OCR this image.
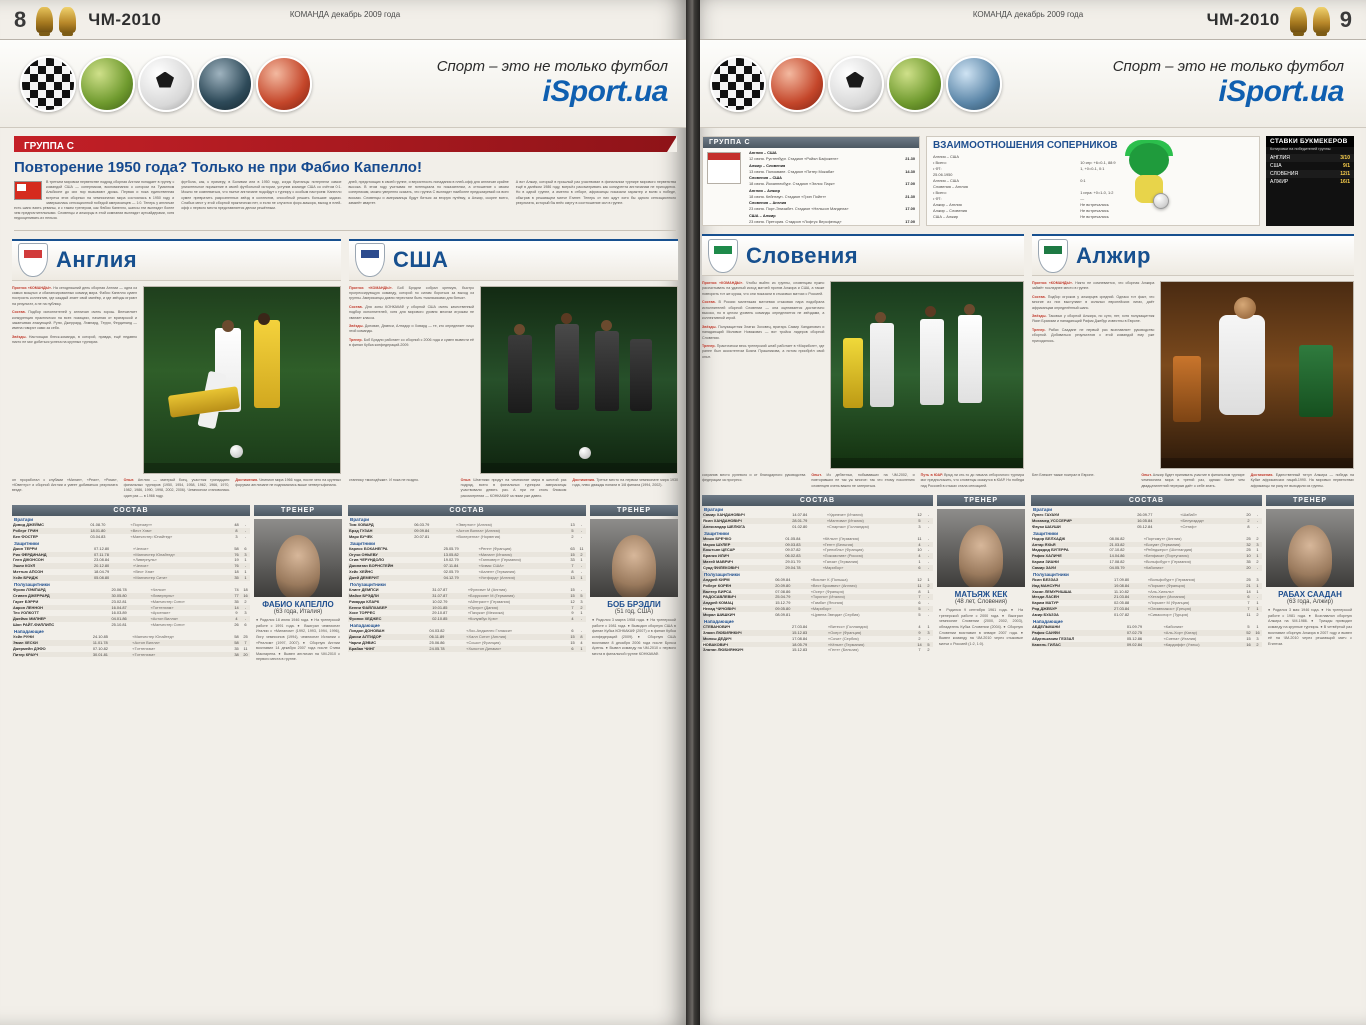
8	ЧМ-2010	КОМАНДА декабрь 2009 года
Спорт – это не только футбол
iSport.ua
ГРУППА С
Повторение 1950 года? Только не при Фабио Капелло!
В третьем мировом первенстве подряд сборная Англии попадает в группу с командой США — соперником, воспоминания о котором на Туманном Альбионе до сих пор вызывают дрожь. Первая и пока единственная встреча этих сборных на чемпионатах мира состоялась в 1950 году и завершилась сенсационной победой американцев — 1:0. Теперь у англичан есть шанс взять реванш, и с таким тренером, как Фабио Капелло, шансы эти выглядят более чем предпочтительными. Словенцы и алжирцы в этой компании выглядят аутсайдерами, хотя недооценивать их нельзя.
футбола, как, к примеру, в Боливии или в 1950 году, когда британцы потерпели самое унизительное поражение в своей футбольной истории, уступив команде США со счётом 0:1. Можно не сомневаться, что нынче англичане подойдут к турниру с особым настроем: Капелло сумел превратить разрозненных звёзд в коллектив, способный решать большие задачи. Слабых мест у этой сборной практически нет, и если не случится форс-мажора, выход в плей-офф с первого места представляется делом решённым.
дней, предстоящих в своей группе, и вероятность попадания в плей-офф для англичан крайне высока. В этом году учитывая не потенциала по показателям, а отношение к своим соперникам, можно уверенно сказать, что группа С выглядит наиболее предсказуемой из всех восьми. Словенцы и американцы будут биться за вторую путёвку, а Алжир, скорее всего, замкнёт квартет.
А вот Алжир, который в прошлый раз участвовал в финальном турнире мирового первенства ещё в далёком 1986 году, всерьёз рассматривать как конкурента англичанам не приходится. Но в одной группе, а именно в отборе, африканцы показали характер и волю к победе, обыграв в решающем матче Египет. Теперь от них ждут хотя бы одного сенсационного результата, который бы внёс смуту в соотношение сил в группе.
Англия

Прогноз «КОМАНДЫ». На сегодняшний день сборная Англии — одна из самых мощных и сбалансированных команд мира. Фабио Капелло сумел построить коллектив, где каждый знает свой манёвр, и где звёзды играют на результат, а не на публику.

Состав. Подбор исполнителей у англичан очень хорош. Впечатляет конкуренция практически на всех позициях, начиная от вратарской и заканчивая атакующей. Руни, Джеррард, Лэмпард, Терри, Фердинанд — имена говорят сами за себя.

Звёзды. Настоящая блеск-команда, в которой, правда, ещё недавно никто не мог добиться успеха на крупных турнирах.

он проработал с клубами «Милан», «Реал», «Рома», «Ювентус» и сборной Англии и умеет добиваться результата везде.
Опыт. Англия — матерый боец, участник тринадцати финальных турниров (1950, 1954, 1958, 1962, 1966, 1970, 1982, 1986, 1990, 1998, 2002, 2006). Чемпионом становилась один раз — в 1966 году.
Достижения. Чемпион мира 1966 года, после чего на крупных форумах англичане не поднимались выше четвертьфинала.
США

Прогноз «КОМАНДЫ». Боб Брэдли собрал крепкую, быстро прогрессирующую команду, которой по силам бороться за выход из группы. Американцы давно перестали быть «мальчиками для битья».

Состав. Для зоны КОНКАКАФ у сборной США очень качественный подбор исполнителей, хотя для мирового уровня многим игрокам не хватает класса.

Звёзды. Донован, Дэмпси, Алтидор и Ховард — те, кто определяет лицо этой команды.

Тренер. Боб Брэдли работает со сборной с 2006 года и сумел вывести её в финал Кубка конфедераций-2009.

станнику «молодёжки». И пока не поздно.	Опыт. Штатники придут на чемпионат мира в шестой раз подряд, всего в финальных турнирах американцы участвовали девять раз. А при не столь близком рассмотрении — КОНКАКАФ за ними уже давно.
Достижения. Третье место на первом чемпионате мира 1930 года, плюс дважды попали в 1/8 финала (1994, 2002).
СОСТАВ
Вратари
Дэвид ДЖЕЙМС	01.08.70	«Портсмут»	48	-
Роберт ГРИН	18.01.80	«Вест Хэм»	8	-
Бен ФОСТЕР	03.04.83	«Манчестер Юнайтед»	3	-
Защитники
Джон ТЕРРИ	07.12.80	«Челси»	58	6
Рио ФЕРДИНАНД	07.11.78	«Манчестер Юнайтед»	76	3
Глен ДЖОНСОН	23.08.84	«Ливерпуль»	19	1
Эшли КОУЛ	20.12.80	«Челси»	76	-
Мэттью АПСОН	18.04.79	«Вест Хэм»	18	1
Уэйн БРИДЖ	05.08.80	«Манчестер Сити»	35	1
Полузащитники
Фрэнк ЛЭМПАРД	20.06.78	«Челси»	74	18
Стивен ДЖЕРРАРД	30.05.80	«Ливерпуль»	77	16
Гарет БЭРРИ	23.02.81	«Манчестер Сити»	35	2
Аарон ЛЕННОН	16.04.87	«Тоттенхэм»	14	-
Тео УОЛКОТТ	16.03.89	«Арсенал»	9	3
Джеймс МИЛНЕР	04.01.86	«Астон Вилла»	4	-
Шон РАЙТ-ФИЛЛИПС	25.10.81	«Манчестер Сити»	26	6
Нападающие
Уэйн РУНИ	24.10.85	«Манчестер Юнайтед»	58	25
Эмил ХЕСКИ	11.01.78	«Астон Вилла»	58	7
Джермейн ДЭФО	07.10.82	«Тоттенхэм»	35	11
Питер КРАУЧ	30.01.81	«Тоттенхэм»	38	20
ТРЕНЕР
ФАБИО КАПЕЛЛО
(63 года, Италия)
● Родился 18 июня 1946 года. ● На тренерской работе с 1991 года. ● Выиграл чемпионат Италии с «Миланом» (1992, 1993, 1994, 1996), Лигу чемпионов (1994), чемпионат Испании с «Реалом» (1997, 2007). ● Сборную Англии возглавил 14 декабря 2007 года после Стива Макларена. ● Вывел англичан на ЧМ-2010 с первого места в группе.
СОСТАВ
Вратари
Тим ХОВАРД	06.03.79	«Эвертон» (Англия)	13	-
Брэд ГУЗАН	09.09.84	«Астон Вилла» (Англия)	5	-
Марк БУЧЕК	20.07.81	«Волеренга» (Норвегия)	2	-
Защитники
Карлос БОКАНЕГРА	25.05.79	«Ренн» (Франция)	63	11
Огучи ОНЬЕВУ	13.05.82	«Милан» (Италия)	15	2
Стив ЧЕРУНДОЛО	19.02.79	«Ганновер» (Германия)	33	1
Джонатан БОРНСТЕЙН	07.11.84	«Чивас США»	7	-
Хейс ХЕЙНС	02.05.79	«Аален» (Германия)	8	-
Джей ДЕМЕРИТ	04.12.79	«Уотфорд» (Англия)	13	1
Полузащитники
Клинт ДЕМПСИ	31.07.87	«Фулхэм» М (Англия)	15	-
Майкл БРЭДЛИ	31.07.87	«Боруссия» М (Германия)	15	5
Рикардо КЛАРК	10.02.79	«Айнтрахт» (Германия)	12	3
Бенни ФАЙЛХАБЕР	19.01.85	«Орхус» (Дания)	7	2
Хосе ТОРРЕС	29.10.87	«Пачука» (Мексика)	9	1
Фрэнки ХЕДЖЕС	02.10.85	«Колумбус Крю»	4	-
Нападающие
Лэндон ДОНОВАН	04.03.82	«Лос-Анджелес Гэлакси»	6	-
Джози АЛТИДОР	06.11.89	«Халл Сити» (Англия)	15	8
Чарли ДЭВИС	25.06.86	«Сошо» (Франция)	15	4
Брайан ЧИНГ	24.05.78	«Хьюстон Динамо»	6	1
ТРЕНЕР
БОБ БРЭДЛИ
(51 год, США)
● Родился 3 марта 1958 года. ● На тренерской работе с 1981 года. ● Выводил сборную США в финал Кубка КОНКАКАФ (2007) и в финал Кубка конфедераций (2009). ● Сборную США возглавил 8 декабря 2006 года после Брюса Арены. ● Вывел команду на ЧМ-2010 с первого места в финальной группе КОНКАКАФ.
КОМАНДА декабрь 2009 года	ЧМ-2010	9
Спорт – это не только футбол
iSport.ua
ГРУППА С
Англия – США
12 июня. Рустенбург. Стадион «Ройял Бафокенг»	21.30
Алжир – Словения
13 июня. Полокване. Стадион «Питер Мокаба»	14.30
Словения – США
18 июня. Йоханнесбург. Стадион «Эллис Парк»	17.00
Англия – Алжир
18 июня. Кейптаун. Стадион «Грин Пойнт»	21.30
Словения – Англия
23 июня. Порт-Элизабет. Стадион «Нельсон Мандела»	17.00
США – Алжир
23 июня. Претория. Стадион «Лофтус Версфельд»	17.00
ВЗАИМООТНОШЕНИЯ СОПЕРНИКОВ
Англия – США
• Всего:	10 игр: +6=0-1, 88:9
• ФТ:	1, +0=0-1, 0:1
25.06.1950
Англия – США	0:1
Словения – Англия
• Всего:	1 игра: +0=1-0, 1:2
• ФТ:	—
Алжир – Англия	Не встречались
Алжир – Словения	Не встречались
США – Алжир	Не встречались
СТАВКИ БУКМЕКЕРОВ
Котировки на победителей группы
АНГЛИЯ	3/10
США	9/1
СЛОВЕНИЯ	12/1
АЛЖИР	16/1
Словения

Прогноз «КОМАНДЫ». Чтобы выйти из группы, словенцам нужно рассчитывать на удачный исход матчей против Алжира и США, а также повторить тот же кураж, что они показали в стыковых матчах с Россией.

Состав. В России маленькая матчевая стыковая пара подобрала исполнителей сборной Словении — она оценивается достаточно высоко, но в целом уровень команды определяется не звёздами, а коллективной игрой.

Звёзды. Полузащитник Златко Зоховец, вратарь Самир Ханданович и нападающий Миливое Новакович — вот тройка лидеров сборной Словении.

Тренер. Практически весь тренерский штаб работает в «Марибоге», где ранее был ассистентом Бояна Прашникова, а потом приобрёл свой опыт.

сохранив место рулевого и от благодарного руководства федерации за прогресс.
Опыт. Из дебютных, побывавших на ЧМ-2002, и повторявших не так уж многое: так что этому поколению словенцев очень важно не затеряться.
Путь в ЮАР. Вряд ли кто-то до начала отборочного турнира мог предположить, что словенцы окажутся в ЮАР. Но победа над Россией в стыках стала сенсацией.
Алжир

Прогноз «КОМАНДЫ». Никто не сомневается, что сборная Алжира займёт последнее место в группе.

Состав. Подбор игроков у алжирцев средний. Однако тот факт, что многие из них выступают в сильных европейских лигах, даёт африканцам определённый шанс.

Звёзды. Таковых у сборной Алжира, по сути, нет, хотя полузащитник Ясин Брахими и нападающий Рафик Джебур известны в Европе.

Тренер. Рабах Саадане не первый раз возглавляет руководство сборной. Добиваться результатов с этой командой ему уже приходилось.

Бен Бпеккет также поиграл в Европе.	Опыт. Алжир будет принимать участие в финальном турнире чемпионата мира в третий раз, однако более чем двадцатилетний перерыв даёт о себе знать.
Достижения. Единственный титул Алжира — победа на Кубке африканских наций-1990. На мировых первенствах африканцы ни разу не выходили из группы.
СОСТАВ
Вратари
Самир ХАНДАНОВИЧ	14.07.84	«Удинезе» (Италия)	12	-
Ясин ХАНДАНОВИЧ	28.01.79	«Мантова» (Италия)	5	-
Александар ШЕЛЮГА	01.02.80	«Спартак» (Голландия)	3	-
Защитники
Мишо БРЕЧКО	01.05.84	«Кёльн» (Германия)	11	-
Марко ШУЛЕР	09.03.83	«Гент» (Бельгия)	4	-
Боштьян ЦЕСАР	09.07.82	«Гренобль» (Франция)	10	-
Бранко ИЛИЧ	06.02.83	«Локомотив» (Россия)	4	-
Матей МАВРИЧ	29.01.79	«Ганза» (Германия)	1	-
Суад ФИЛЕКОВИЧ	29.04.78	«Марибор»	6	-
Полузащитники
Андрей КИРМ	06.09.84	«Висла» К (Польша)	12	1
Роберт КОРЕН	20.09.80	«Вест Бромвич» (Англия)	11	2
Валтер БИРСА	07.08.86	«Осер» (Франция)	8	1
РАДОСАВЛЕВИЧ	25.04.79	«Торино» (Италия)	7	-
Андрей КОМАЦ	15.12.79	«Гамба» (Япония)	6	-
Ненад ЧИЧОВИЧ	09.05.80	«Марибор»	5	-
Мирал ШИШКИЧ	08.09.81	«Црвена Звезда» (Сербия)	5	-
Нападающие
СТЕВАНОВИЧ	27.03.84	«Витесс» (Голландия)	4	1
Злаян ЛЮБИЯНКИЧ	15.12.83	«Осер» (Франция)	9	3
Милош ДЕДИЧ	17.08.84	«Сочи» (Сербия)	2	-
НОВАКОВИЧ	18.05.79	«Кёльн» (Германия)	14	5
Златан ЛЮБИЯНКИЧ	15.12.83	«Гент» (Бельгия)	7	2
ТРЕНЕР
МАТЬЯЖ КЕК
(48 лет, Словения)
● Родился 9 сентября 1961 года. ● На тренерской работе с 2000 года. ● Выиграл чемпионат Словении (2000, 2002, 2003), обладатель Кубка Словении (2004). ● Сборную Словении возглавил в январе 2007 года. ● Вывел команду на ЧМ-2010 через стыковые матчи с Россией (1:2, 1:0).
СОСТАВ
Вратари
Лунес ГАУАУИ	26.09.77	«Шабаб»	20	-
Мохамед УСССЕРИР	16.05.84	«Белуиздад»	2	-
Фаузи ШАУШИ	05.12.84	«Сетиф»	8	-
Защитники
Нэдир БЕЛХАДЖ	08.06.82	«Портсмут» (Англия)	25	2
Антар ЯХЬЯ	21.03.82	«Бохум» (Германия)	32	3
Мадждид БУГЕРРА	07.10.82	«Рейнджерс» (Шотландия)	25	1
Рафик ХАЛИЧЕ	14.04.86	«Бенфика» (Португалия)	10	1
Карим ЗИАНИ	17.08.82	«Вольфсбург» (Германия)	35	2
Самир ЗАУИ	04.05.79	«Кабилия»	20	-
Полузащитники
Ясин БЕЗЗАЗ	17.09.80	«Вольфсбург» (Германия)	25	3
Ияд МАНСУРИ	19.08.84	«Лорьян» (Франция)	21	1
Хасан ЛЕМУРИШША	11.10.82	«Аль-Хиляль»	14	1
Мехди ЛАСЕН	21.03.84	«Хетафе» (Испания)	6	-
Карим МАТУР	02.05.88	«Лорьян» М (Франция)	7	1
Ряд ДЖЕБУР	27.03.84	«Олимпиакос» (Греция)	7	1
Амир БУАЗЗА	01.07.82	«Сивасспор» (Турция)	11	2
Нападающие
АБДЕЛЬМАНИ	01.09.79	«Кабилия»	5	1
Рафик САИФИ	07.02.75	«Аль-Хор» (Катар)	52	16
Абдельказим ГЕЗЗАЛ	05.12.86	«Сиена» (Италия)	15	3
Камель ГИЛАС	09.02.84	«Кардифф» (Уэльс)	16	2
ТРЕНЕР
РАБАХ СААДАН
(63 года, Алжир)
● Родился 3 мая 1946 года. ● На тренерской работе с 1981 года. ● Возглавлял сборную Алжира на ЧМ-1986. ● Трижды приводил команду на крупные турниры. ● В четвёртый раз возглавил сборную Алжира в 2007 году и вывел её на ЧМ-2010 через решающий матч с Египтом.
